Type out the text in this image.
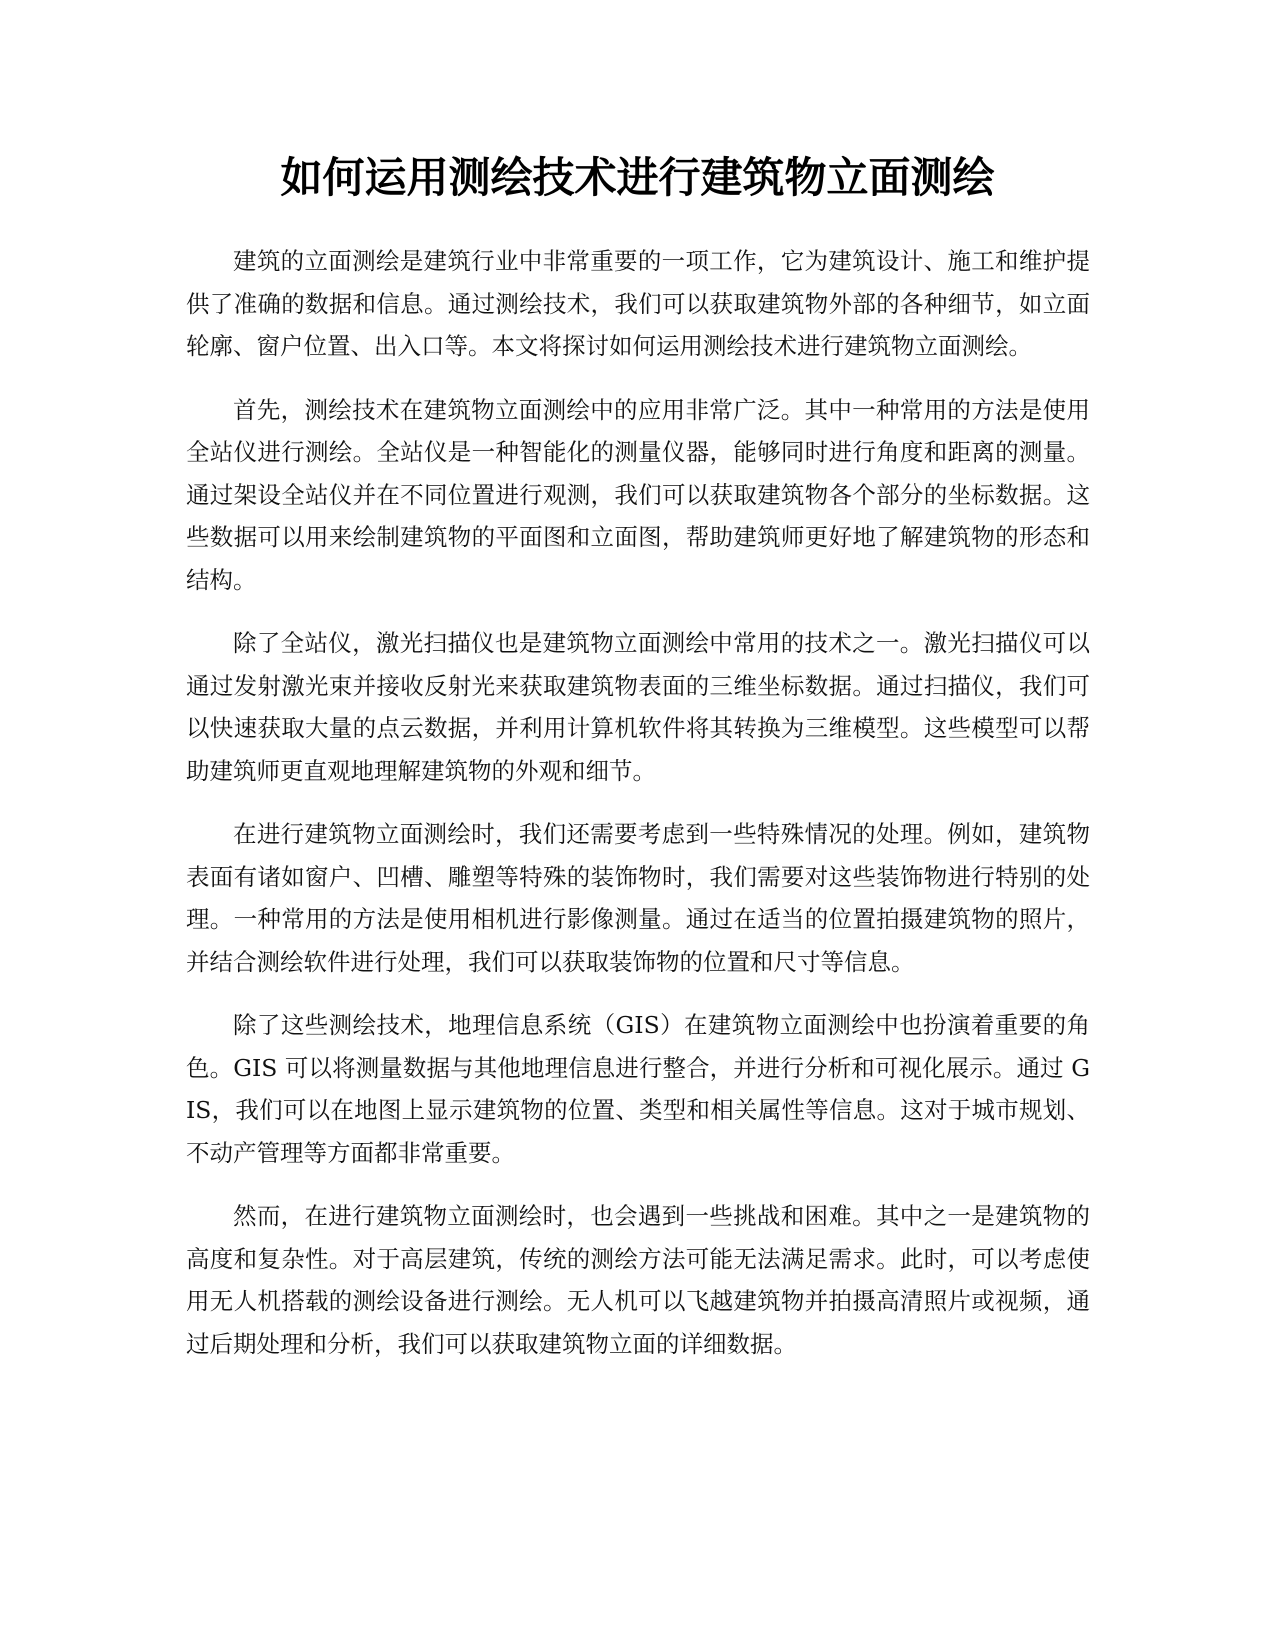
如何运用测绘技术进行建筑物立面测绘

建筑的立面测绘是建筑行业中非常重要的一项工作，它为建筑设计、施工和维护提供了准确的数据和信息。通过测绘技术，我们可以获取建筑物外部的各种细节，如立面轮廓、窗户位置、出入口等。本文将探讨如何运用测绘技术进行建筑物立面测绘。

首先，测绘技术在建筑物立面测绘中的应用非常广泛。其中一种常用的方法是使用全站仪进行测绘。全站仪是一种智能化的测量仪器，能够同时进行角度和距离的测量。通过架设全站仪并在不同位置进行观测，我们可以获取建筑物各个部分的坐标数据。这些数据可以用来绘制建筑物的平面图和立面图，帮助建筑师更好地了解建筑物的形态和结构。

除了全站仪，激光扫描仪也是建筑物立面测绘中常用的技术之一。激光扫描仪可以通过发射激光束并接收反射光来获取建筑物表面的三维坐标数据。通过扫描仪，我们可以快速获取大量的点云数据，并利用计算机软件将其转换为三维模型。这些模型可以帮助建筑师更直观地理解建筑物的外观和细节。

在进行建筑物立面测绘时，我们还需要考虑到一些特殊情况的处理。例如，建筑物表面有诸如窗户、凹槽、雕塑等特殊的装饰物时，我们需要对这些装饰物进行特别的处理。一种常用的方法是使用相机进行影像测量。通过在适当的位置拍摄建筑物的照片，并结合测绘软件进行处理，我们可以获取装饰物的位置和尺寸等信息。

除了这些测绘技术，地理信息系统（GIS）在建筑物立面测绘中也扮演着重要的角色。GIS 可以将测量数据与其他地理信息进行整合，并进行分析和可视化展示。通过 GIS，我们可以在地图上显示建筑物的位置、类型和相关属性等信息。这对于城市规划、不动产管理等方面都非常重要。

然而，在进行建筑物立面测绘时，也会遇到一些挑战和困难。其中之一是建筑物的高度和复杂性。对于高层建筑，传统的测绘方法可能无法满足需求。此时，可以考虑使用无人机搭载的测绘设备进行测绘。无人机可以飞越建筑物并拍摄高清照片或视频，通过后期处理和分析，我们可以获取建筑物立面的详细数据。
